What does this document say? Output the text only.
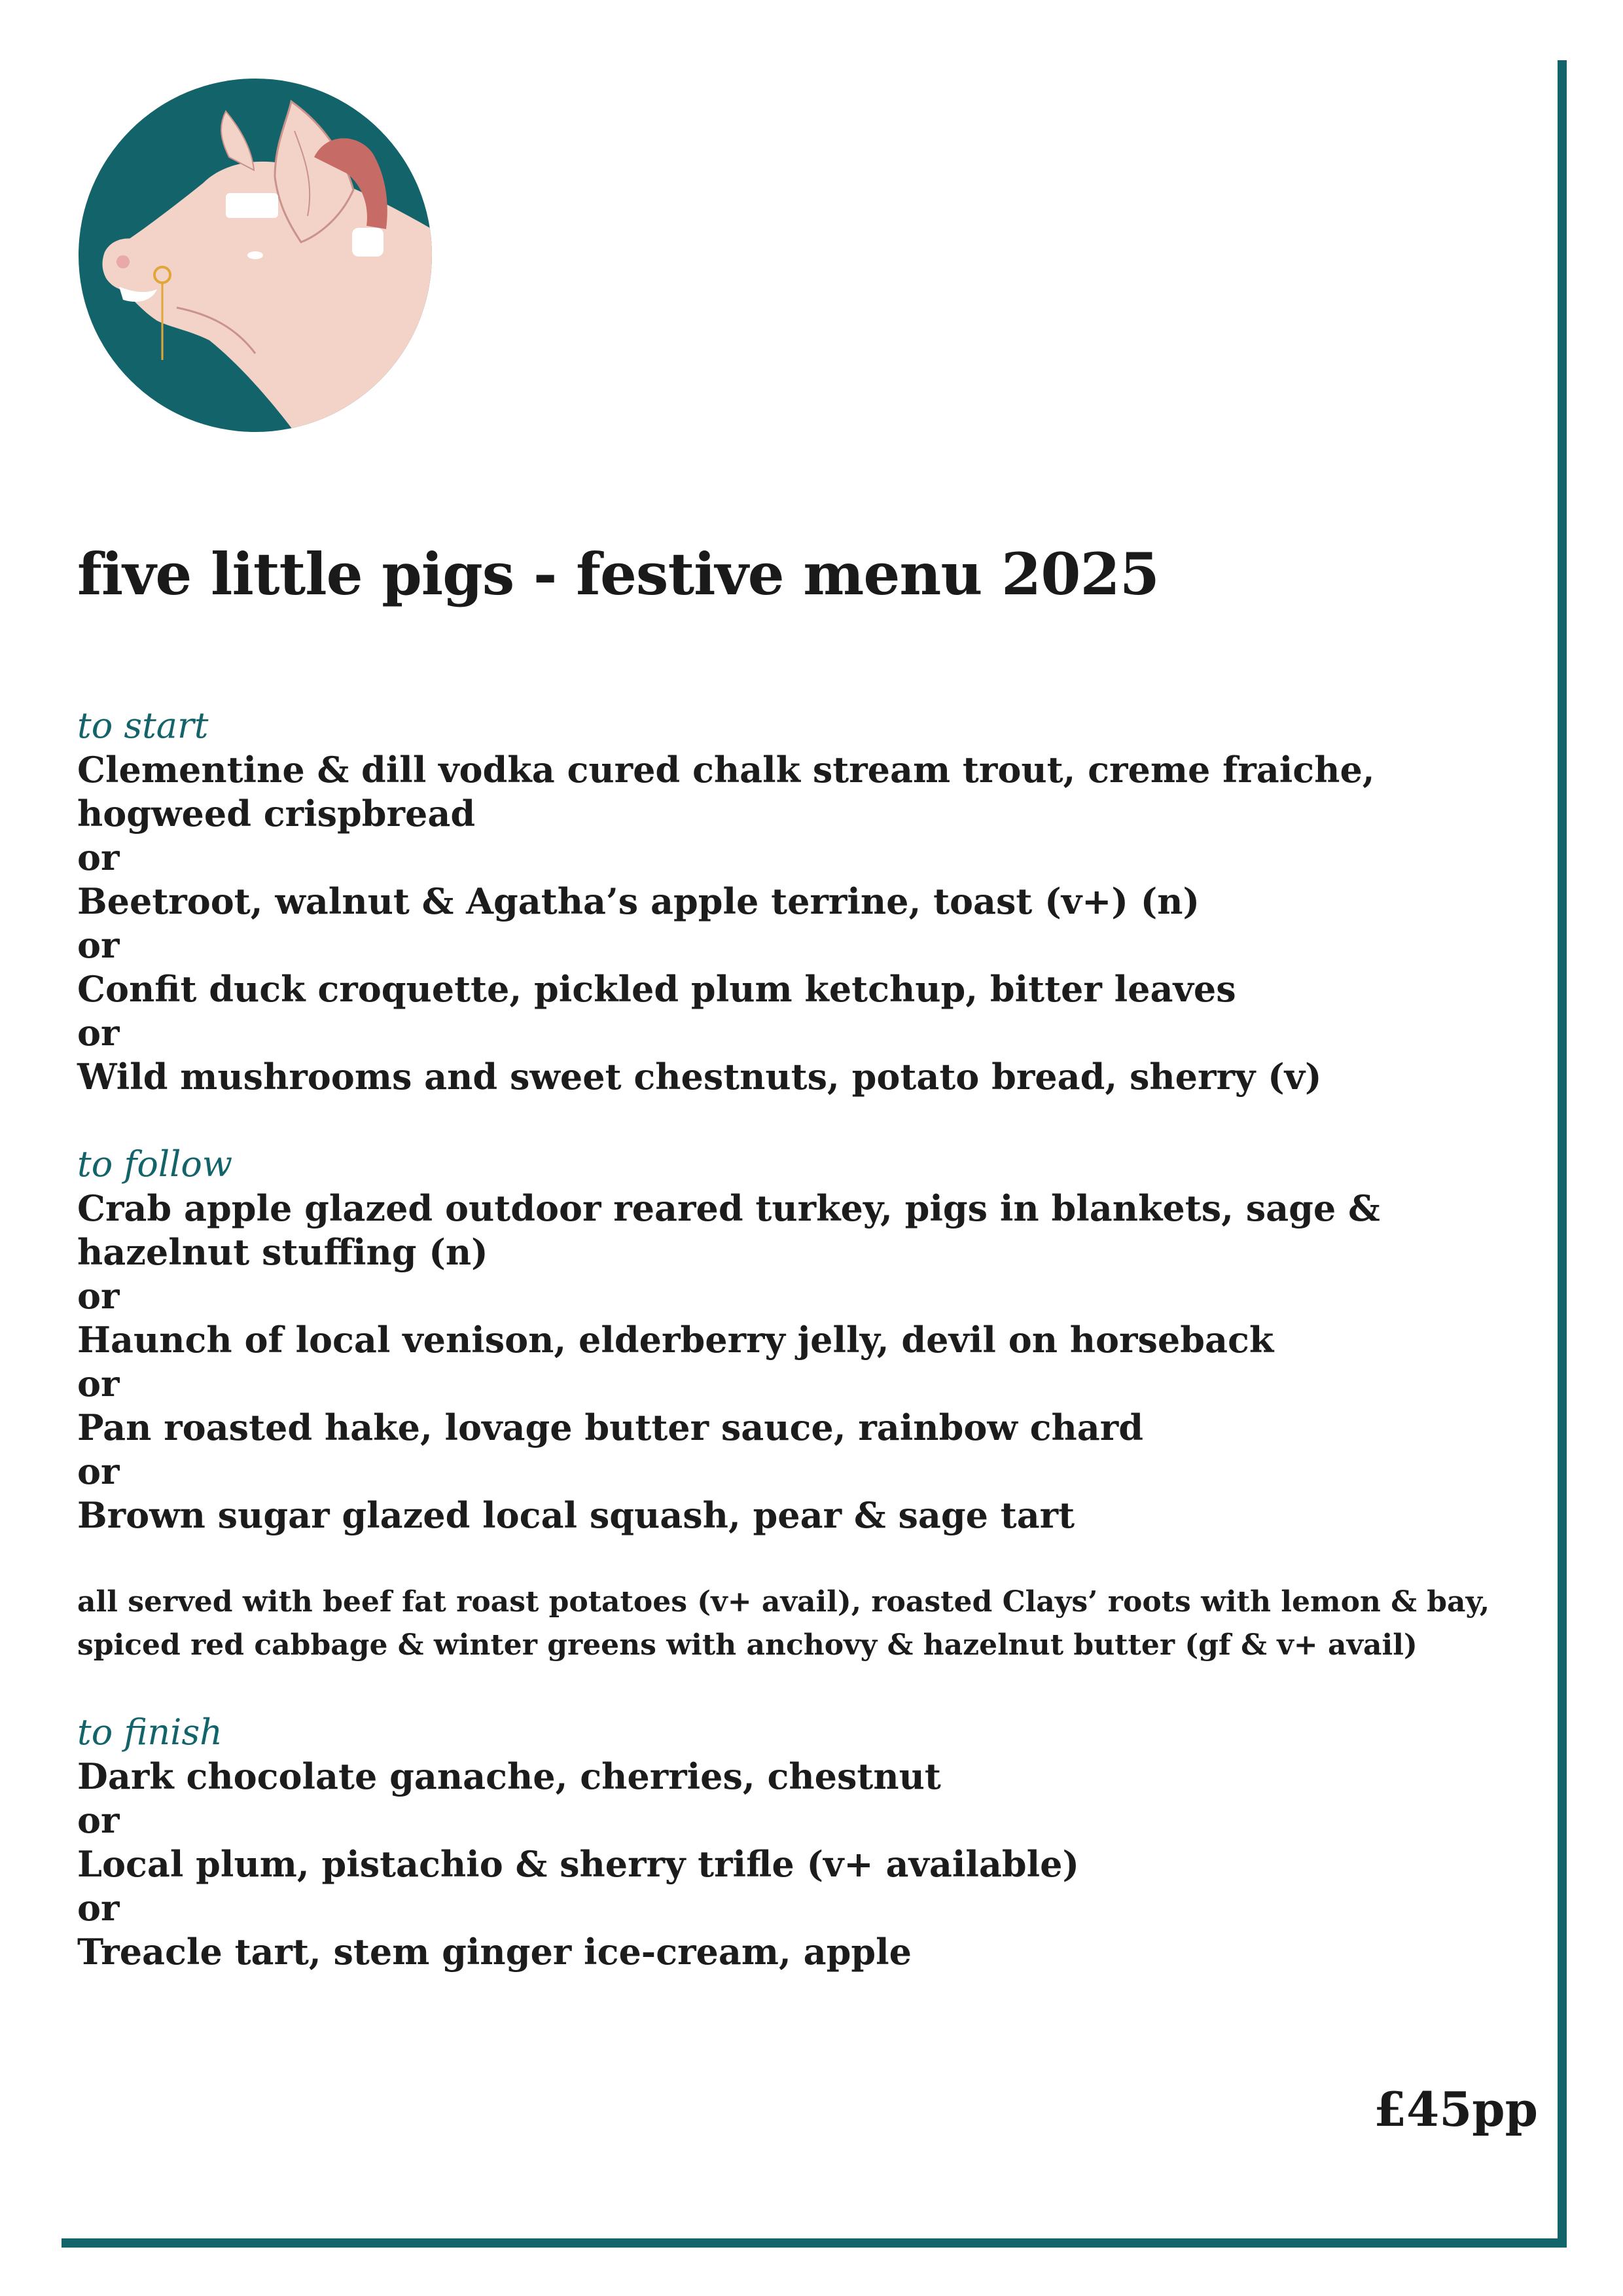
five little pigs - festive menu 2025
to start
Clementine & dill vodka cured chalk stream trout, creme fraiche, hogweed crispbread
or
Beetroot, walnut & Agatha’s apple terrine, toast (v+) (n)
or
Confit duck croquette, pickled plum ketchup, bitter leaves
or
Wild mushrooms and sweet chestnuts, potato bread, sherry (v)
to follow
Crab apple glazed outdoor reared turkey, pigs in blankets, sage & hazelnut stuffing (n)
or
Haunch of local venison, elderberry jelly, devil on horseback
or
Pan roasted hake, lovage butter sauce, rainbow chard
or
Brown sugar glazed local squash, pear & sage tart
all served with beef fat roast potatoes (v+ avail), roasted Clays’ roots with lemon & bay, spiced red cabbage & winter greens with anchovy & hazelnut butter (gf & v+ avail)
to finish
Dark chocolate ganache, cherries, chestnut
or
Local plum, pistachio & sherry trifle (v+ available)
or
Treacle tart, stem ginger ice-cream, apple
£45pp
